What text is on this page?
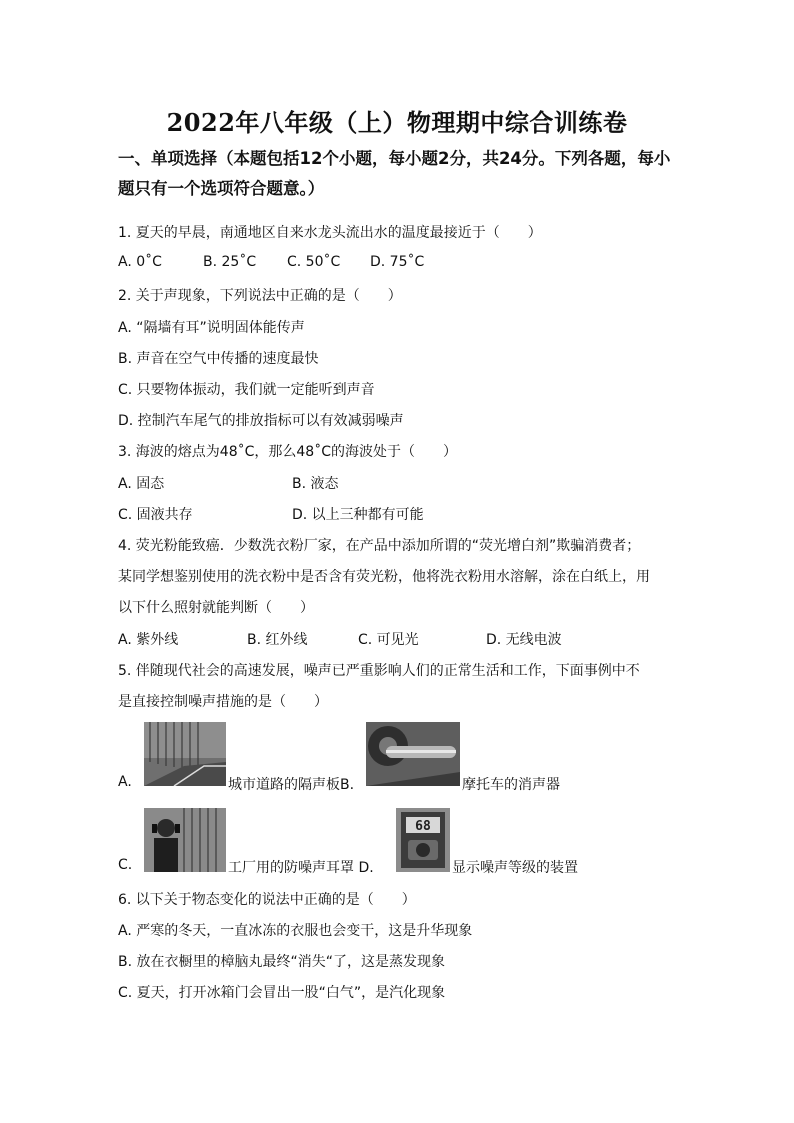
2022年八年级（上）物理期中综合训练卷
一、单项选择（本题包括12个小题，每小题2分，共24分。下列各题，每小
题只有一个选项符合题意。）
1. 夏天的早晨，南通地区自来水龙头流出水的温度最接近于（　　）
A. 0˚C	B. 25˚C C. 50˚C D. 75˚C
2. 关于声现象，下列说法中正确的是（　　）
A. “隔墙有耳”说明固体能传声
B. 声音在空气中传播的速度最快
C. 只要物体振动，我们就一定能听到声音
D. 控制汽车尾气的排放指标可以有效减弱噪声
3. 海波的熔点为48˚C，那么48˚C的海波处于（　　）
A. 固态	B. 液态
C. 固液共存	D. 以上三种都有可能
4. 荧光粉能致癌．少数洗衣粉厂家，在产品中添加所谓的“荧光增白剂”欺骗消费者；
某同学想鉴别使用的洗衣粉中是否含有荧光粉，他将洗衣粉用水溶解，涂在白纸上，用
以下什么照射就能判断（　　）
A. 紫外线	B. 红外线	C. 可见光	D. 无线电波
5. 伴随现代社会的高速发展，噪声已严重影响人们的正常生活和工作，下面事例中不
是直接控制噪声措施的是（　　）
A.	城市道路的隔声板B.	摩托车的消声器
C.	工厂用的防噪声耳罩 D.
68
显示噪声等级的装置
6. 以下关于物态变化的说法中正确的是（　　）
A. 严寒的冬天，一直冰冻的衣服也会变干，这是升华现象
B. 放在衣橱里的樟脑丸最终“消失“了，这是蒸发现象
C. 夏天，打开冰箱门会冒出一股“白气”，是汽化现象
